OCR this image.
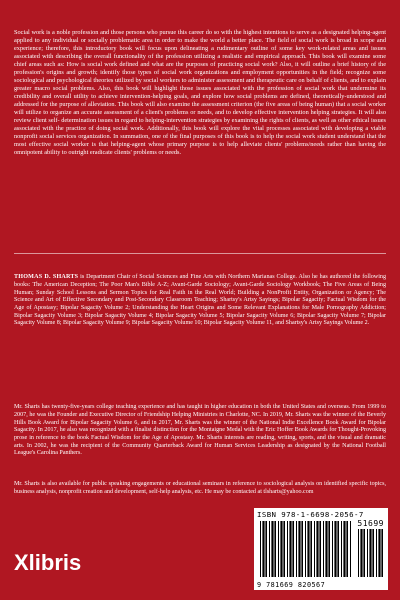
Social work is a noble profession and those persons who pursue this career do so with the highest intentions to serve as a designated helping-agent applied to any individual or socially problematic area in order to make the world a better place. The field of social work is broad in scope and experience; therefore, this introductory book will focus upon delineating a rudimentary outline of some key work-related areas and issues associated with describing the overall functionality of the profession utilizing a realistic and empirical approach. This book will examine some chief areas such as: How is social work defined and what are the purposes of practicing social work? Also, it will outline a brief history of the profession's origins and growth; identify those types of social work organizations and employment opportunities in the field; recognize some sociological and psychological theories utilized by social workers to administer assessment and therapeutic care on behalf of clients, and to explain greater macro social problems. Also, this book will highlight those issues associated with the profession of social work that undermine its credibility and overall utility to achieve intervention-helping goals, and explore how social problems are defined, theoretically-understood and addressed for the purpose of alleviation. This book will also examine the assessment criterion (the five areas of being human) that a social worker will utilize to organize an accurate assessment of a client's problems or needs, and to develop effective intervention helping strategies. It will also review client self- determination issues in regard to helping-intervention strategies by examining the rights of clients, as well as other ethical issues associated with the practice of doing social work. Additionally, this book will explore the vital processes associated with developing a viable nonprofit social services organization. In summation, one of the final purposes of this book is to help the social work student understand that the most effective social worker is that helping-agent whose primary purpose is to help alleviate clients' problems/needs rather than having the omnipotent ability to outright eradicate clients' problems or needs.

THOMAS D. SHARTS is Department Chair of Social Sciences and Fine Arts with Northern Marianas College. Also he has authored the following books: The American Deception; The Poor Man's Bible A-Z; Avant-Garde Sociology; Avant-Garde Sociology Workbook; The Five Areas of Being Human; Sunday School Lessons and Sermon Topics for Real Faith in the Real World; Building a NonProfit Entity, Organization or Agency; The Science and Art of Effective Secondary and Post-Secondary Classroom Teaching; Shartsy's Artsy Sayings; Bipolar Sagacity; Factual Wisdom for the Age of Apostasy; Bipolar Sagacity Volume 2; Understanding the Heart Origins and Some Relevant Explanations for Male Pornography Addiction; Bipolar Sagacity Volume 3; Bipolar Sagacity Volume 4; Bipolar Sagacity Volume 5; Bipolar Sagacity Volume 6; Bipolar Sagacity Volume 7; Bipolar Sagacity Volume 8; Bipolar Sagacity Volume 9; Bipolar Sagacity Volume 10; Bipolar Sagacity Volume 11, and Shartsy's Artsy Sayings Volume 2.

Mr. Sharts has twenty-five-years college teaching experience and has taught in higher education in both the United States and overseas. From 1999 to 2007, he was the Founder and Executive Director of Friendship Helping Ministries in Charlotte, NC. In 2019, Mr. Sharts was the winner of the Beverly Hills Book Award for Bipolar Sagacity Volume 6, and in 2017, Mr. Sharts was the winner of the National Indie Excellence Book Award for Bipolar Sagacity. In 2017, he also was recognized with a finalist distinction for the Montaigne Medal with the Eric Hoffer Book Awards for Thought-Provoking prose in reference to the book Factual Wisdom for the Age of Apostasy. Mr. Sharts interests are reading, writing, sports, and the visual and dramatic arts. In 2002, he was the recipient of the Community Quarterback Award for Human Services Leadership as designated by the National Football League's Carolina Panthers.

Mr. Sharts is also available for public speaking engagements or educational seminars in reference to sociological analysis on identified specific topics, business analysis, nonprofit creation and development, self-help analysis, etc. He may be contacted at tlsharts@yahoo.com

Xlibris
ISBN 978-1-6698-2056-7
51699
9 781669 820567
